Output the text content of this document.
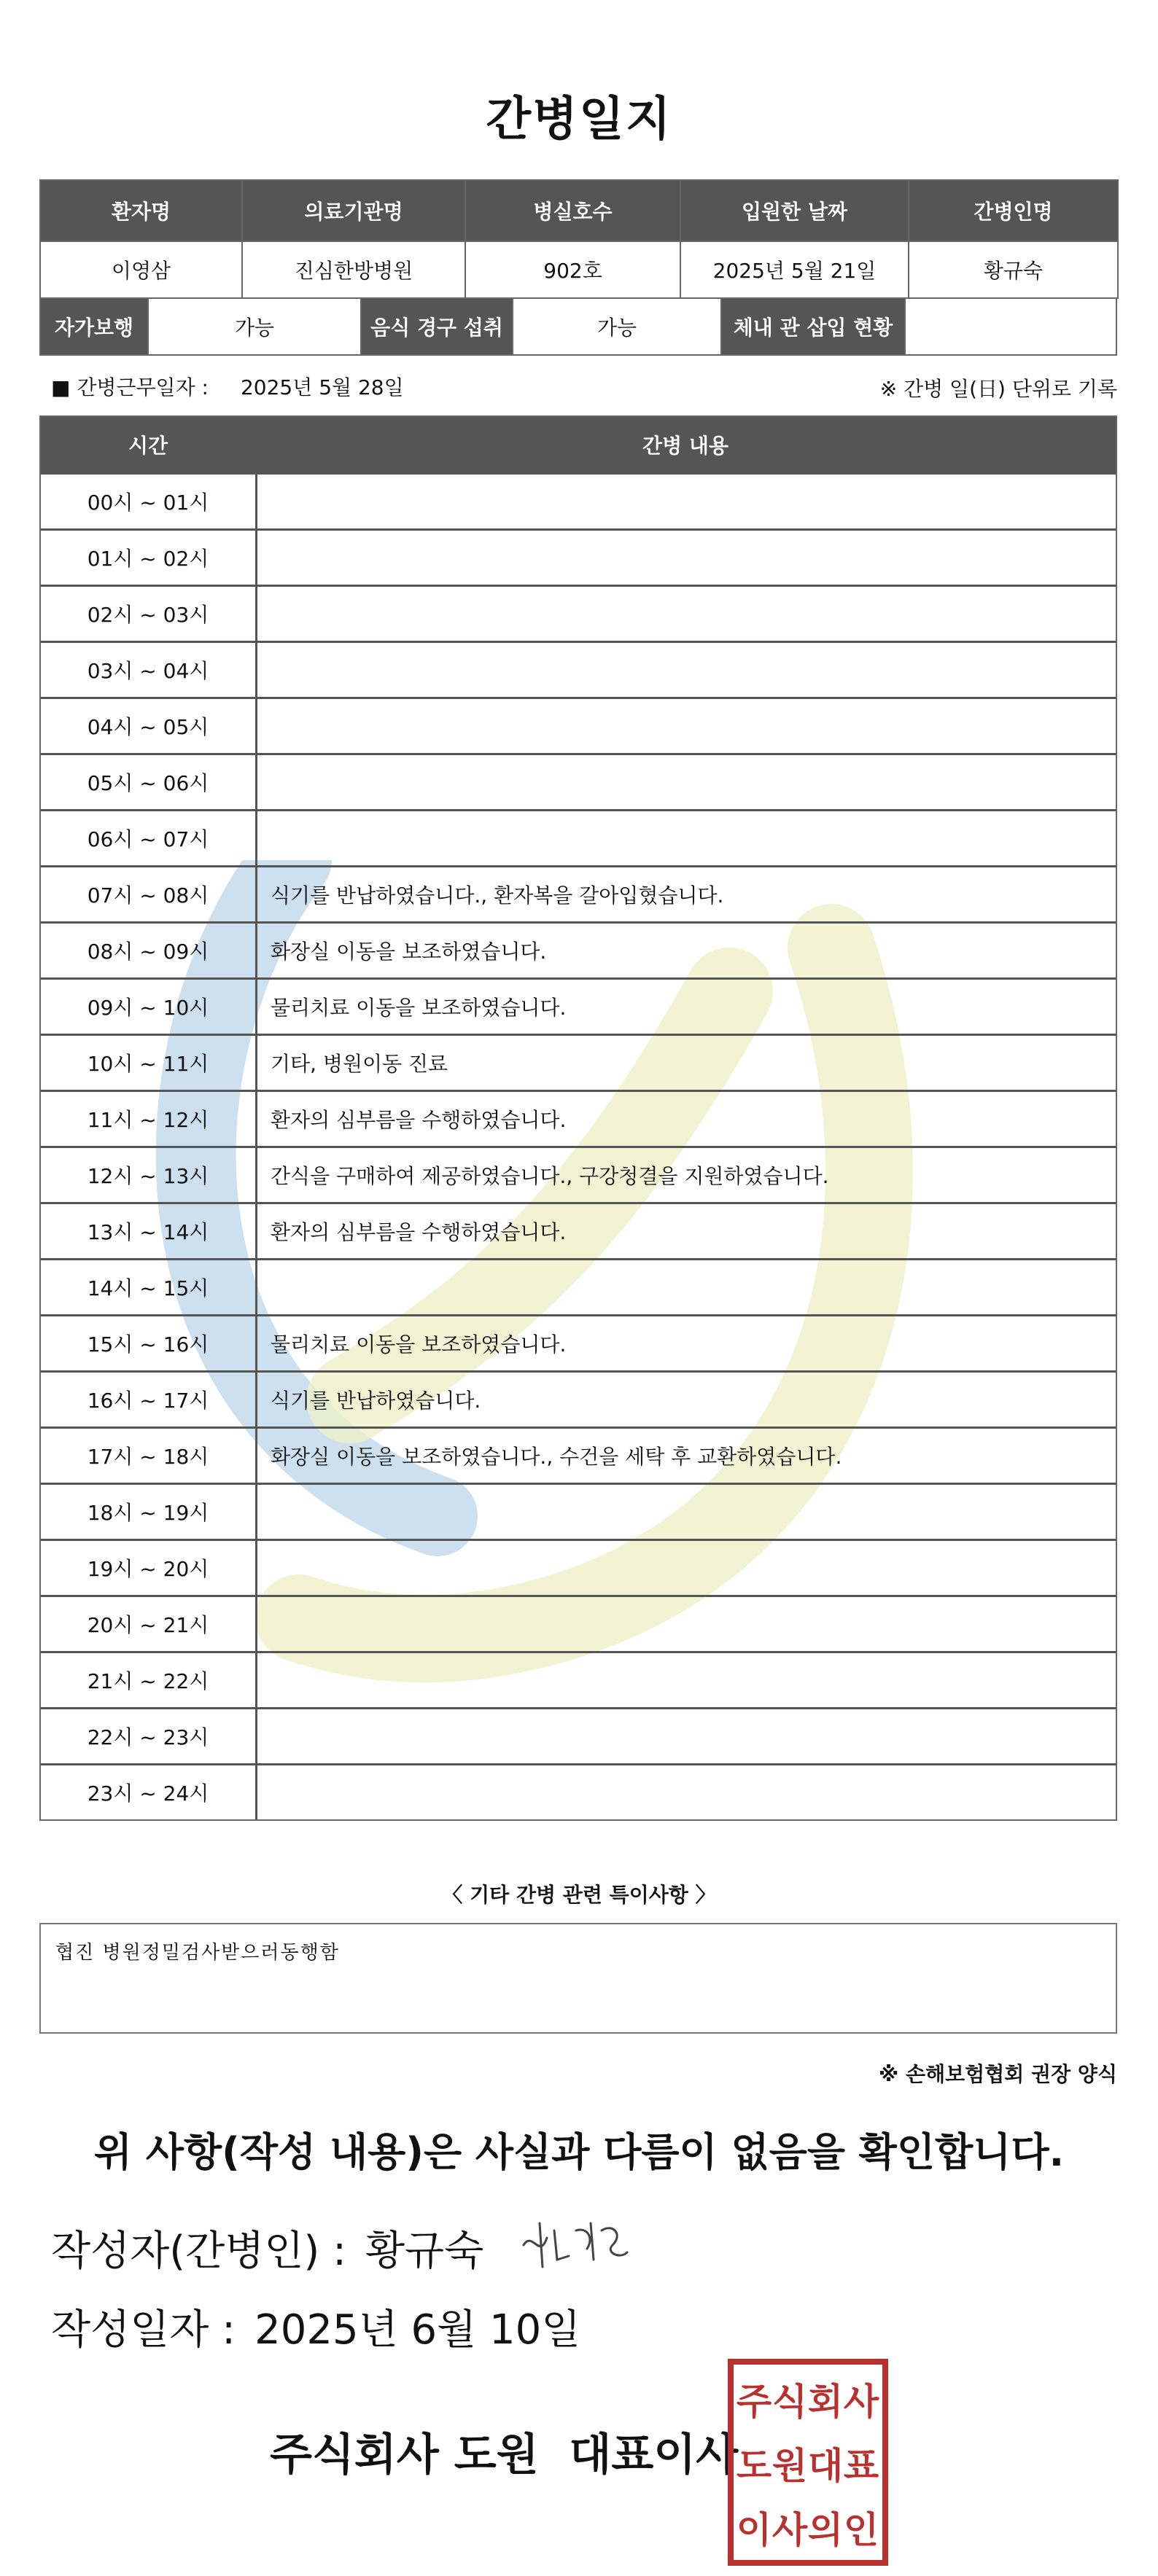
간병일지
환자명	의료기관명	병실호수	입원한 날짜	간병인명
이영삼	진심한방병원	902호	2025년 5월 21일	황규숙
자가보행	가능	음식 경구 섭취	가능	체내 관 삽입 현황
■ 간병근무일자 : 2025년 5월 28일	※ 간병 일(日) 단위로 기록
시간	간병 내용
00시 ~ 01시
01시 ~ 02시
02시 ~ 03시
03시 ~ 04시
04시 ~ 05시
05시 ~ 06시
06시 ~ 07시
07시 ~ 08시	식기를 반납하였습니다., 환자복을 갈아입혔습니다.
08시 ~ 09시	화장실 이동을 보조하였습니다.
09시 ~ 10시	물리치료 이동을 보조하였습니다.
10시 ~ 11시	기타, 병원이동 진료
11시 ~ 12시	환자의 심부름을 수행하였습니다.
12시 ~ 13시	간식을 구매하여 제공하였습니다., 구강청결을 지원하였습니다.
13시 ~ 14시	환자의 심부름을 수행하였습니다.
14시 ~ 15시
15시 ~ 16시	물리치료 이동을 보조하였습니다.
16시 ~ 17시	식기를 반납하였습니다.
17시 ~ 18시	화장실 이동을 보조하였습니다., 수건을 세탁 후 교환하였습니다.
18시 ~ 19시
19시 ~ 20시
20시 ~ 21시
21시 ~ 22시
22시 ~ 23시
23시 ~ 24시
〈 기타 간병 관련 특이사항 〉
협진 병원정밀검사받으러동행함
※ 손해보험협회 권장 양식
위 사항(작성 내용)은 사실과 다름이 없음을 확인합니다.
작성자(간병인) : 황규숙
작성일자 : 2025년 6월 10일
주식회사 도원  대표이사
주 식 회 사
도 원 대 표
이 사 의 인
